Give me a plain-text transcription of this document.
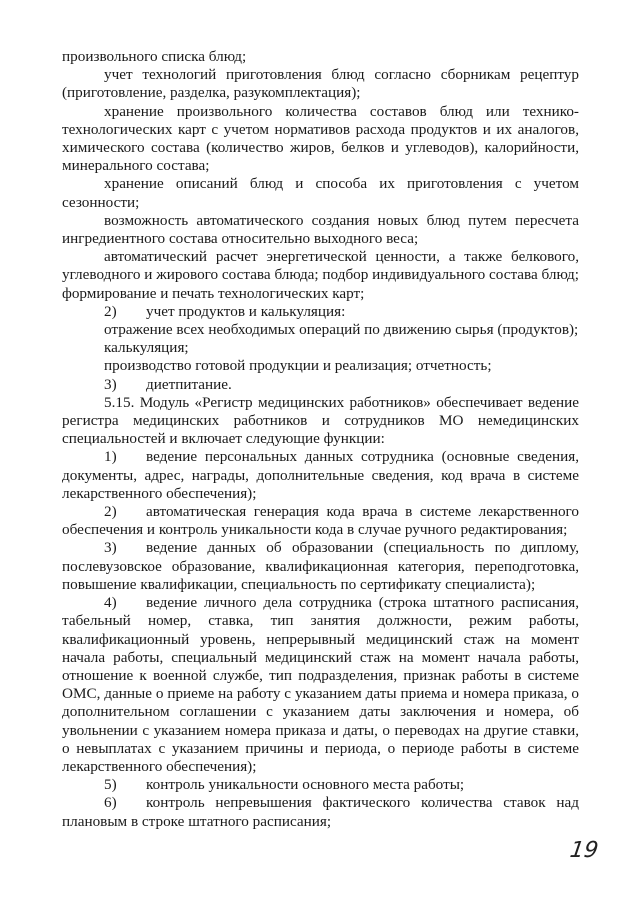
произвольного списка блюд;

учет технологий приготовления блюд согласно сборникам рецептур (приготовление, разделка, разукомплектация);

хранение произвольного количества составов блюд или технико-технологических карт с учетом нормативов расхода продуктов и их аналогов, химического состава (количество жиров, белков и углеводов), калорийности, минерального состава;

хранение описаний блюд и способа их приготовления с учетом сезонности;

возможность автоматического создания новых блюд путем пересчета ингредиентного состава относительно выходного веса;

автоматический расчет энергетической ценности, а также белкового, углеводного и жирового состава блюда; подбор индивидуального состава блюд; формирование и печать технологических карт;

2) учет продуктов и калькуляция:

отражение всех необходимых операций по движению сырья (продуктов);

калькуляция;

производство готовой продукции и реализация; отчетность;

3) диетпитание.

5.15. Модуль «Регистр медицинских работников» обеспечивает ведение регистра медицинских работников и сотрудников МО немедицинских специальностей и включает следующие функции:

1) ведение персональных данных сотрудника (основные сведения, документы, адрес, награды, дополнительные сведения, код врача в системе лекарственного обеспечения);

2) автоматическая генерация кода врача в системе лекарственного обеспечения и контроль уникальности кода в случае ручного редактирования;

3) ведение данных об образовании (специальность по диплому, послевузовское образование, квалификационная категория, переподготовка, повышение квалификации, специальность по сертификату специалиста);

4) ведение личного дела сотрудника (строка штатного расписания, табельный номер, ставка, тип занятия должности, режим работы, квалификационный уровень, непрерывный медицинский стаж на момент начала работы, специальный медицинский стаж на момент начала работы, отношение к военной службе, тип подразделения, признак работы в системе ОМС, данные о приеме на работу с указанием даты приема и номера приказа, о дополнительном соглашении с указанием даты заключения и номера, об увольнении с указанием номера приказа и даты, о переводах на другие ставки, о невыплатах с указанием причины и периода, о периоде работы в системе лекарственного обеспечения);

5) контроль уникальности основного места работы;

6) контроль непревышения фактического количества ставок над плановым в строке штатного расписания;

19
